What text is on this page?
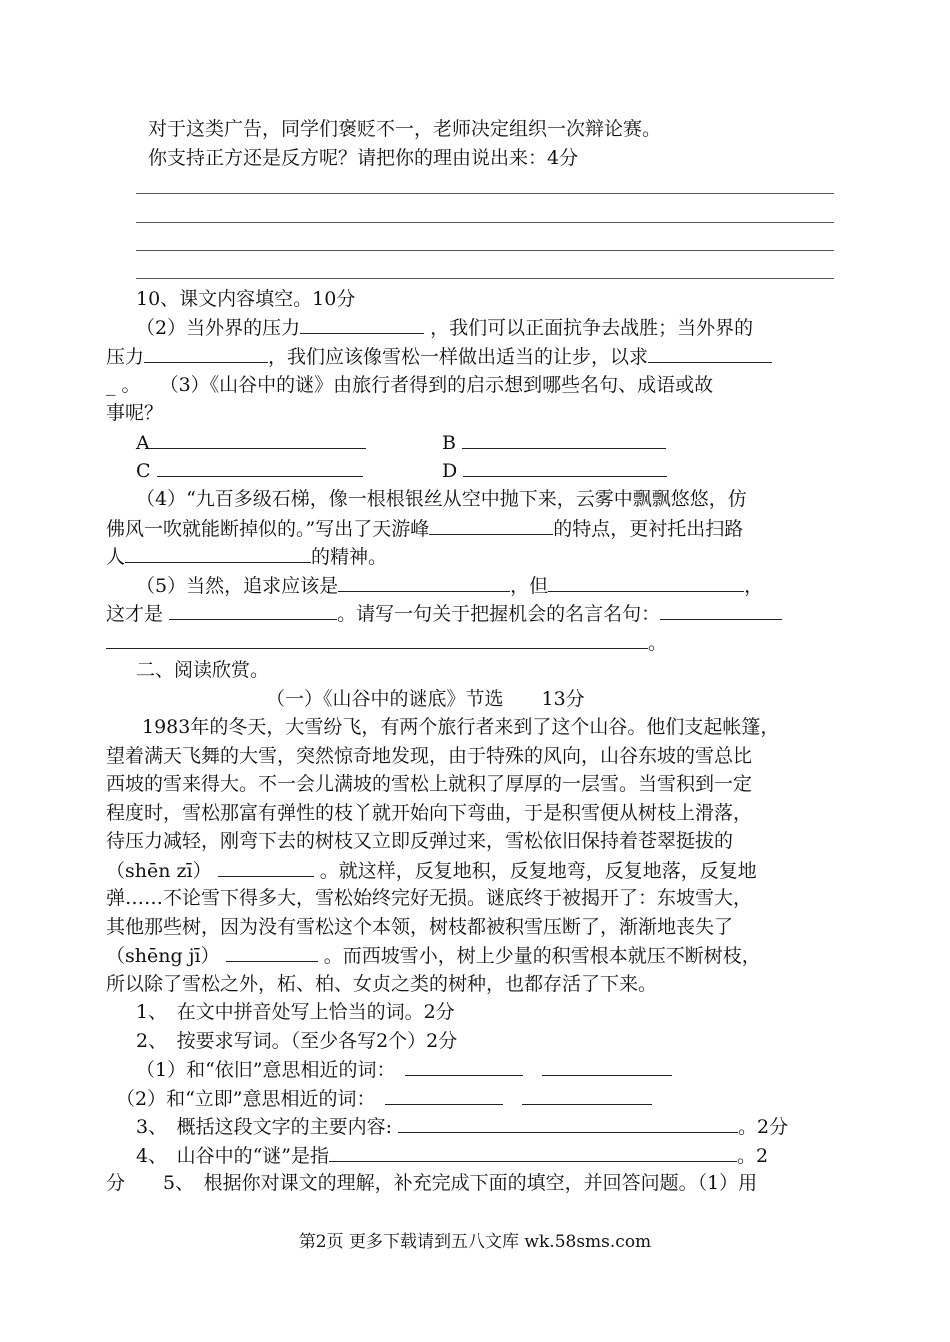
对于这类广告，同学们褒贬不一，老师决定组织一次辩论赛。
你支持正方还是反方呢？请把你的理由说出来：4分
10、课文内容填空。10分
（2）当外界的压力	，我们可以正面抗争去战胜；当外界的
压力	，我们应该像雪松一样做出适当的让步，以求
_ 。　　 （3）《山谷中的谜》由旅行者得到的启示想到哪些名句、成语或故
事呢？
A	B
C	D
（4）“九百多级石梯，像一根根银丝从空中抛下来，云雾中飘飘悠悠，仿
佛风一吹就能断掉似的。”写出了天游峰	的特点，更衬托出扫路
人	的精神。
（5）当然，追求应该是	，但	，
这才是	。请写一句关于把握机会的名言名句：
。
二、阅读欣赏。
（一）《山谷中的谜底》节选　　13分
1983年的冬天，大雪纷飞，有两个旅行者来到了这个山谷。他们支起帐篷，
望着满天飞舞的大雪，突然惊奇地发现，由于特殊的风向，山谷东坡的雪总比
西坡的雪来得大。不一会儿满坡的雪松上就积了厚厚的一层雪。当雪积到一定
程度时，雪松那富有弹性的枝丫就开始向下弯曲，于是积雪便从树枝上滑落，
待压力减轻，刚弯下去的树枝又立即反弹过来，雪松依旧保持着苍翠挺拔的
（shēn zī）	。就这样，反复地积，反复地弯，反复地落，反复地
弹……不论雪下得多大，雪松始终完好无损。谜底终于被揭开了：东坡雪大，
其他那些树，因为没有雪松这个本领，树枝都被积雪压断了，渐渐地丧失了
（shēng jī）	。而西坡雪小，树上少量的积雪根本就压不断树枝，
所以除了雪松之外，柘、柏、女贞之类的树种，也都存活了下来。
1、　在文中拼音处写上恰当的词。2分
2、　按要求写词。（至少各写2个）2分
（1）和“依旧”意思相近的词：　　
（2）和“立即”意思相近的词：　　
3、　概括这段文字的主要内容:	。2分
4、　山谷中的“谜”是指	。2
分　　5、　根据你对课文的理解，补充完成下面的填空，并回答问题。（1）用
第2页 更多下载请到五八文库 wk.58sms.com
